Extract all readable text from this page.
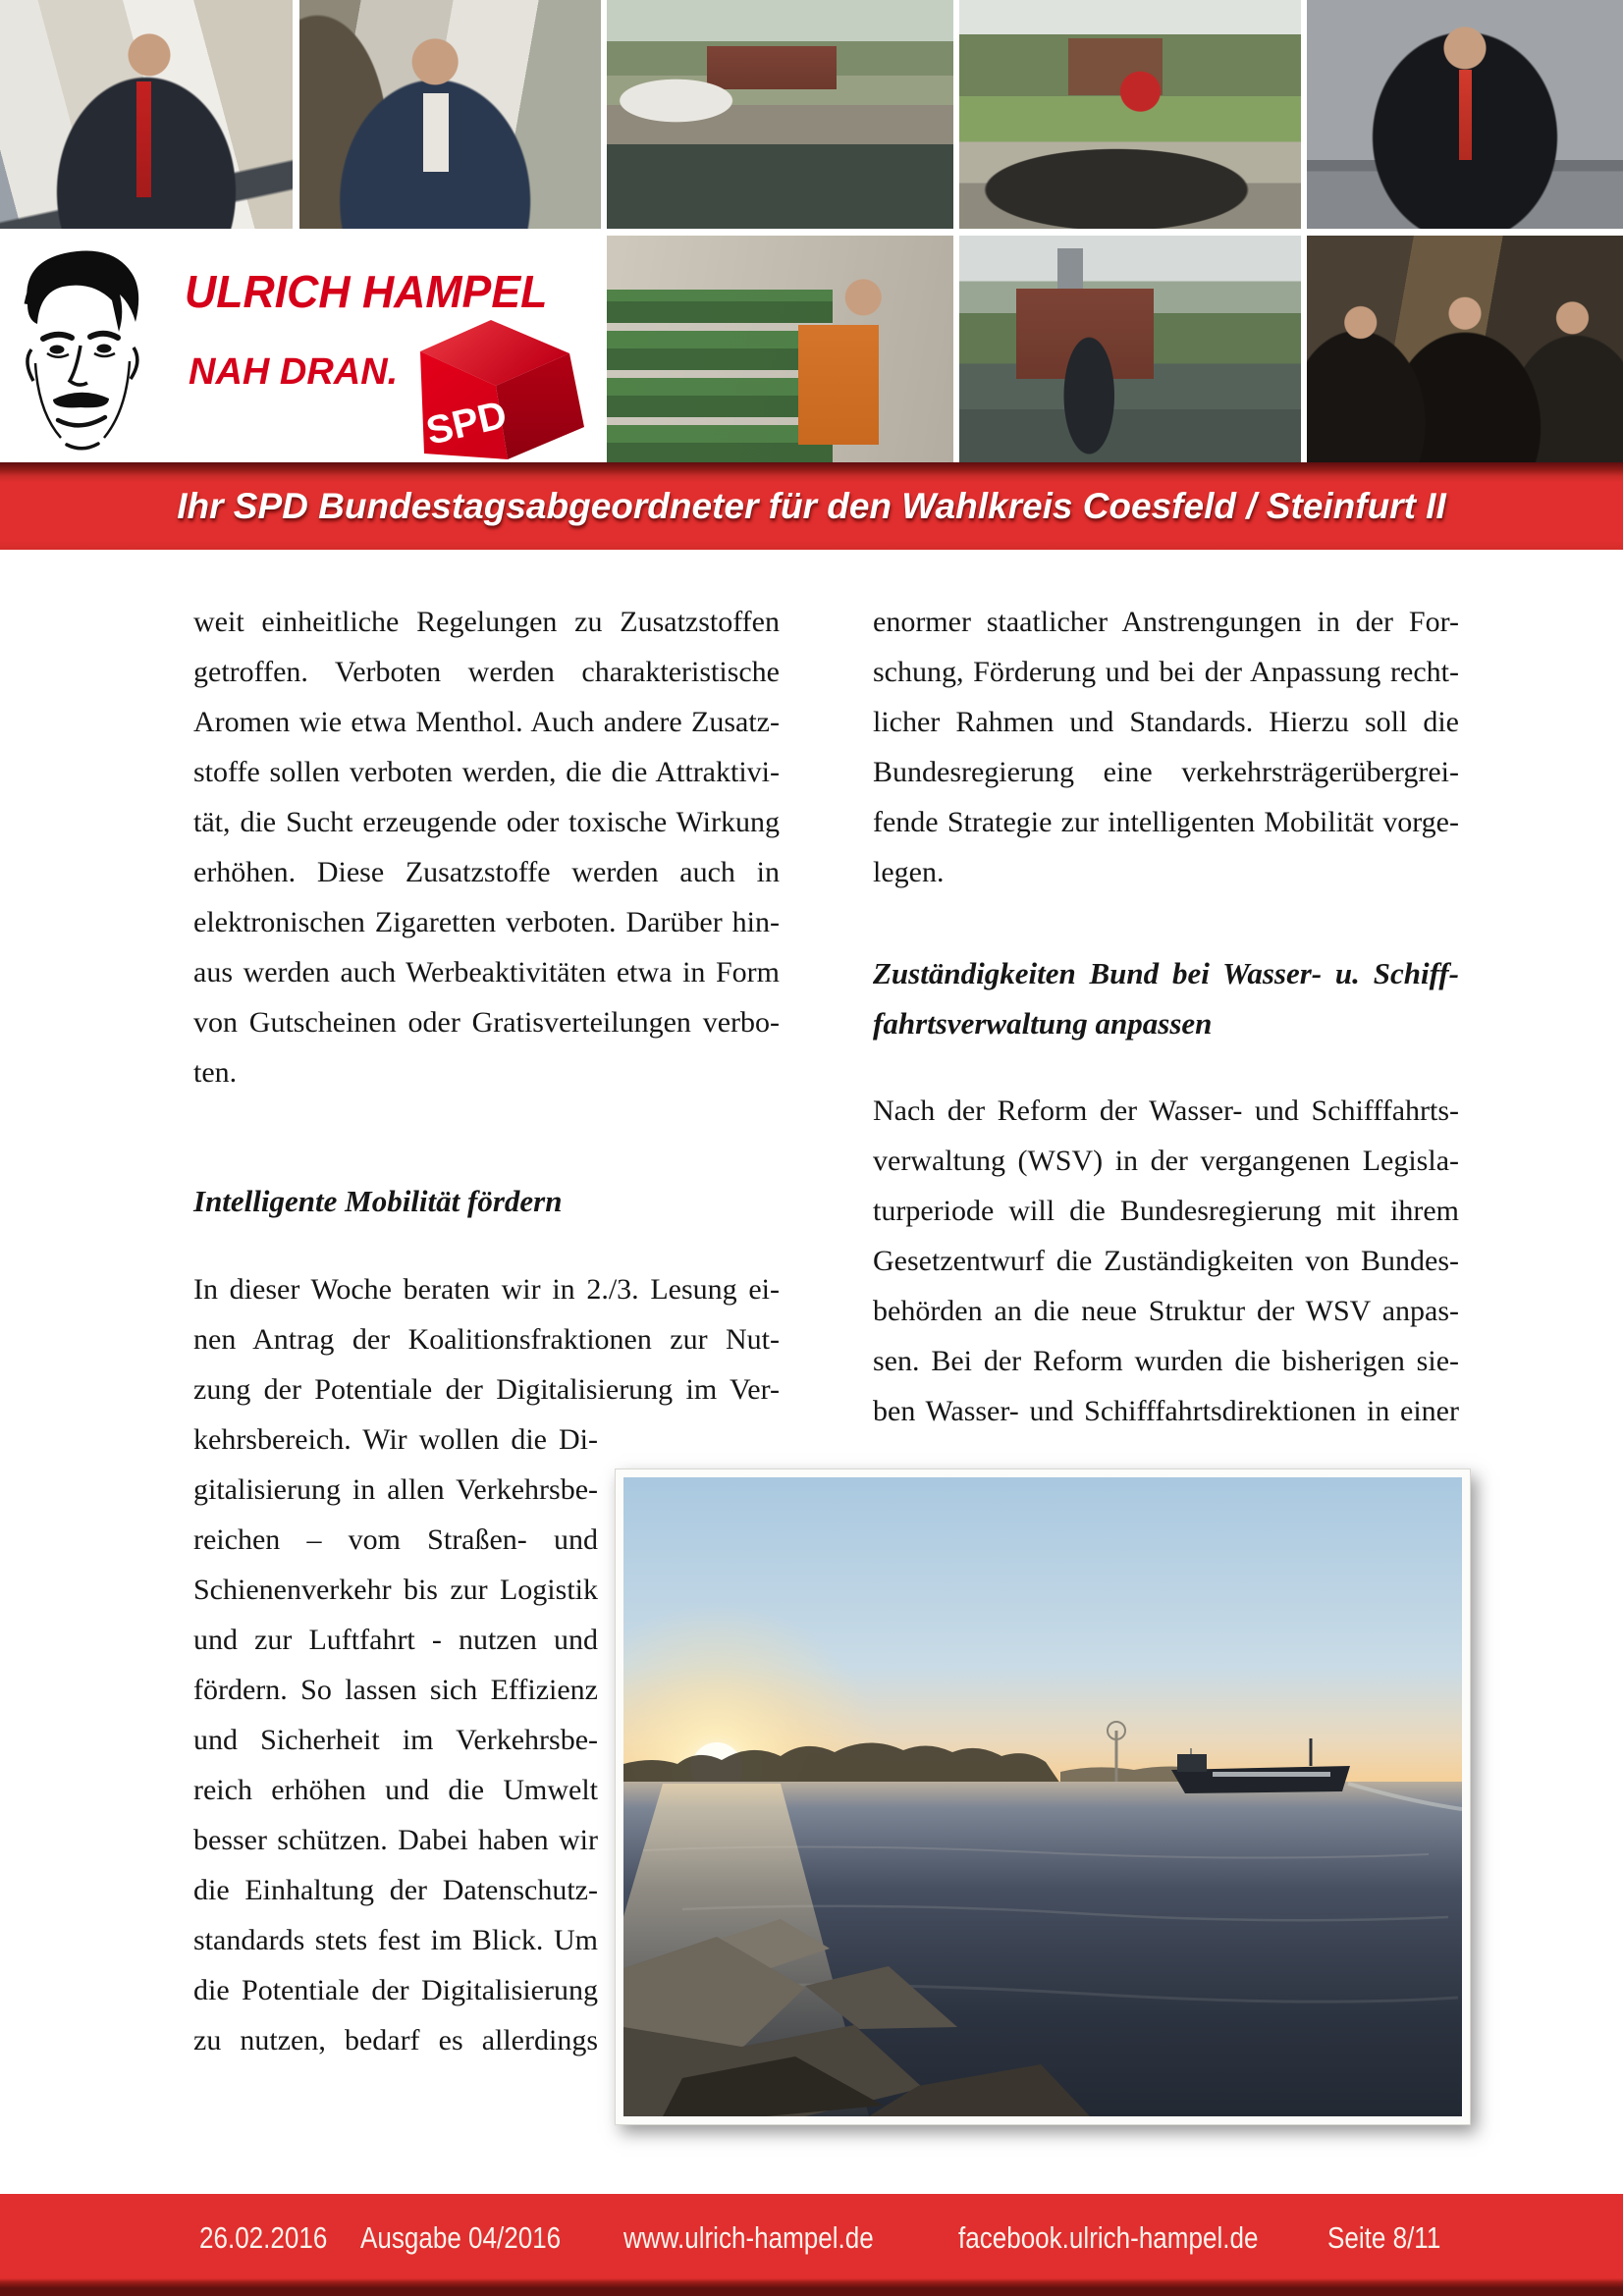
ULRICH HAMPEL
NAH DRAN.
SPD
Ihr SPD Bundestagsabgeordneter für den Wahlkreis Coesfeld / Steinfurt II
weit einheitliche Regelungen zu Zusatzstoffen
getroffen. Verboten werden charakteristische
Aromen wie etwa Menthol. Auch andere Zusatz-
stoffe sollen verboten werden, die die Attraktivi-
tät, die Sucht erzeugende oder toxische Wirkung
erhöhen. Diese Zusatzstoffe werden auch in
elektronischen Zigaretten verboten. Darüber hin-
aus werden auch Werbeaktivitäten etwa in Form
von Gutscheinen oder Gratisverteilungen verbo-
ten.
Intelligente Mobilität fördern
In dieser Woche beraten wir in 2./3. Lesung ei-
nen Antrag der Koalitionsfraktionen zur Nut-
zung der Potentiale der Digitalisierung im Ver-
kehrsbereich. Wir wollen die Di-
gitalisierung in allen Verkehrsbe-
reichen – vom Straßen- und
Schienenverkehr bis zur Logistik
und zur Luftfahrt - nutzen und
fördern. So lassen sich Effizienz
und Sicherheit im Verkehrsbe-
reich erhöhen und die Umwelt
besser schützen. Dabei haben wir
die Einhaltung der Datenschutz-
standards stets fest im Blick. Um
die Potentiale der Digitalisierung
zu nutzen, bedarf es allerdings
enormer staatlicher Anstrengungen in der For-
schung, Förderung und bei der Anpassung recht-
licher Rahmen und Standards. Hierzu soll die
Bundesregierung eine verkehrsträgerübergrei-
fende Strategie zur intelligenten Mobilität vorge-
legen.
Zuständigkeiten Bund bei Wasser- u. Schiff-
fahrtsverwaltung anpassen
Nach der Reform der Wasser- und Schifffahrts-
verwaltung (WSV) in der vergangenen Legisla-
turperiode will die Bundesregierung mit ihrem
Gesetzentwurf die Zuständigkeiten von Bundes-
behörden an die neue Struktur der WSV anpas-
sen. Bei der Reform wurden die bisherigen sie-
ben Wasser- und Schifffahrtsdirektionen in einer
26.02.2016 Ausgabe 04/2016 www.ulrich-hampel.de	facebook.ulrich-hampel.de Seite 8/11
